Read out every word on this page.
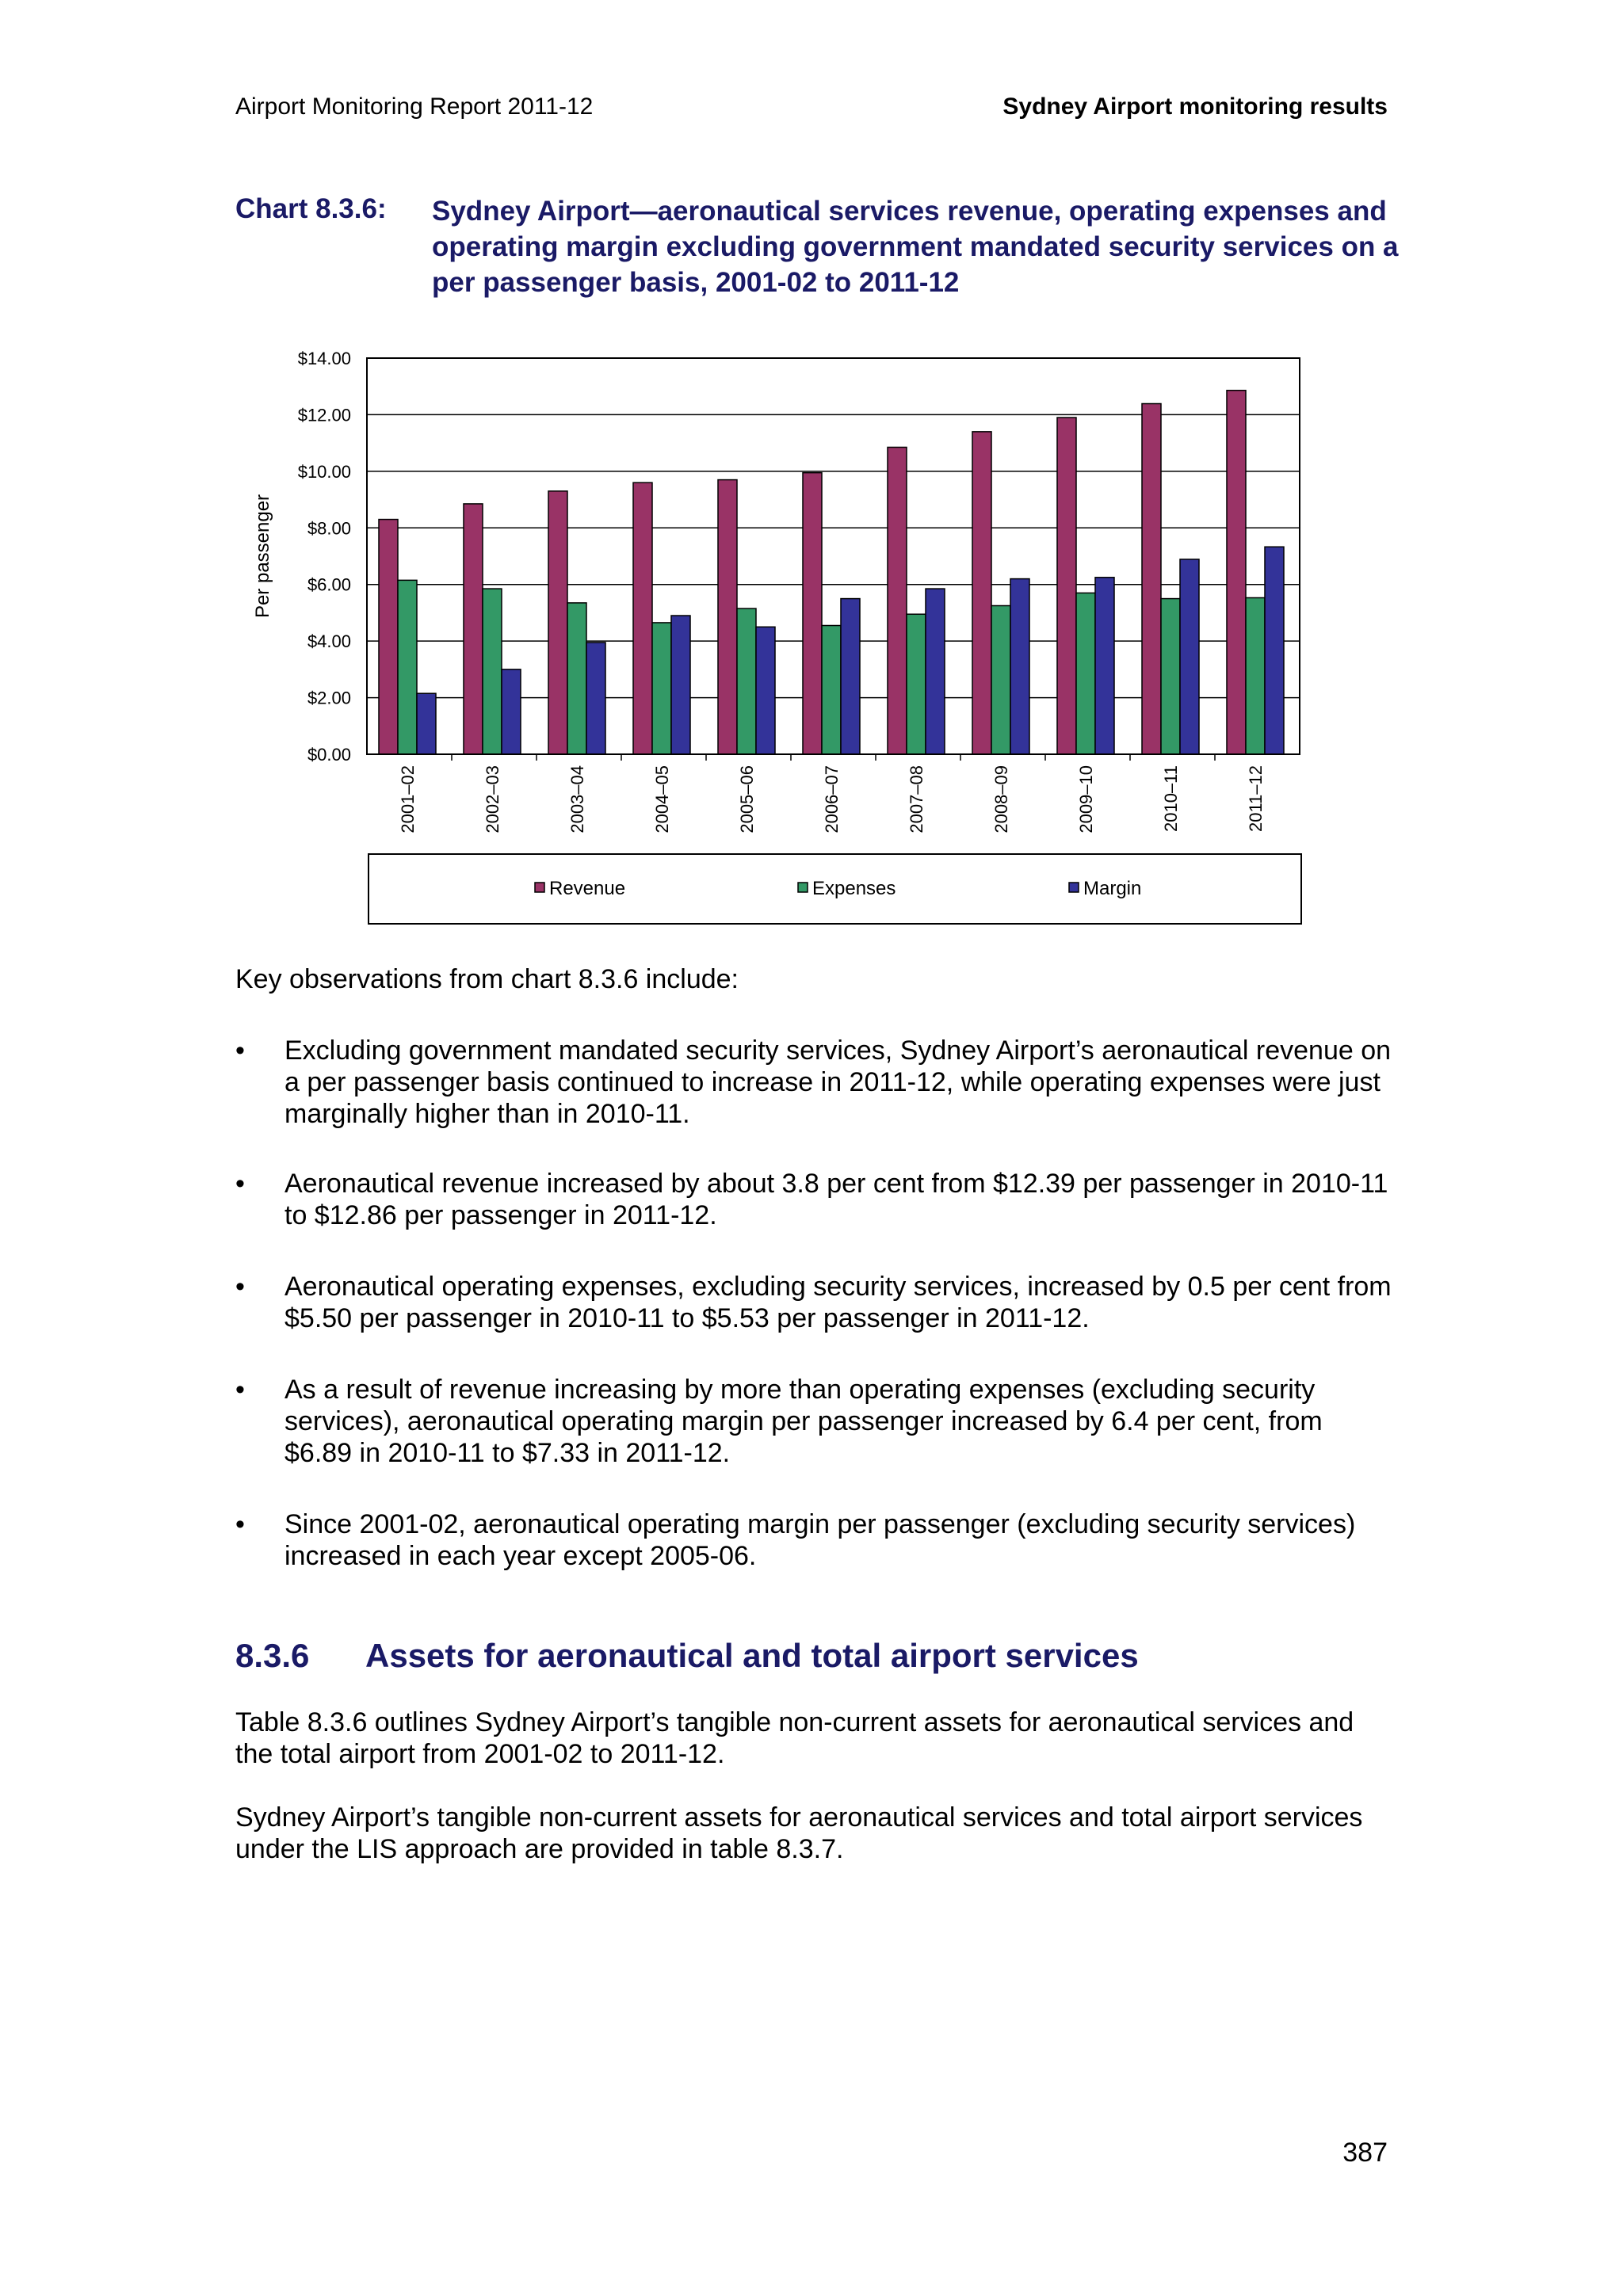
Airport Monitoring Report 2011-12	Sydney Airport monitoring results
Chart 8.3.6: Sydney Airport—aeronautical services revenue, operating expenses and operating margin excluding government mandated security services on a per passenger basis, 2001-02 to 2011-12
$0.00
$2.00
$4.00
$6.00
$8.00
$10.00
$12.00
$14.00
2001–02	2002–03	2003–04	2004–05	2005–06	2006–07	2007–08	2008–09	2009–10	2010–11	2011–12
Per passenger
Revenue	Expenses	Margin
Key observations from chart 8.3.6 include:
•	Excluding government mandated security services, Sydney Airport’s aeronautical revenue on a per passenger basis continued to increase in 2011-12, while operating expenses were just marginally higher than in 2010-11.
•	Aeronautical revenue increased by about 3.8 per cent from $12.39 per passenger in 2010-11 to $12.86 per passenger in 2011-12.
•	Aeronautical operating expenses, excluding security services, increased by 0.5 per cent from $5.50 per passenger in 2010-11 to $5.53 per passenger in 2011-12.
•	As a result of revenue increasing by more than operating expenses (excluding security services), aeronautical operating margin per passenger increased by 6.4 per cent, from $6.89 in 2010-11 to $7.33 in 2011-12.
•	Since 2001-02, aeronautical operating margin per passenger (excluding security services) increased in each year except 2005-06.
8.3.6 Assets for aeronautical and total airport services
Table 8.3.6 outlines Sydney Airport’s tangible non-current assets for aeronautical services and the total airport from 2001-02 to 2011-12.
Sydney Airport’s tangible non-current assets for aeronautical services and total airport services under the LIS approach are provided in table 8.3.7.
387
